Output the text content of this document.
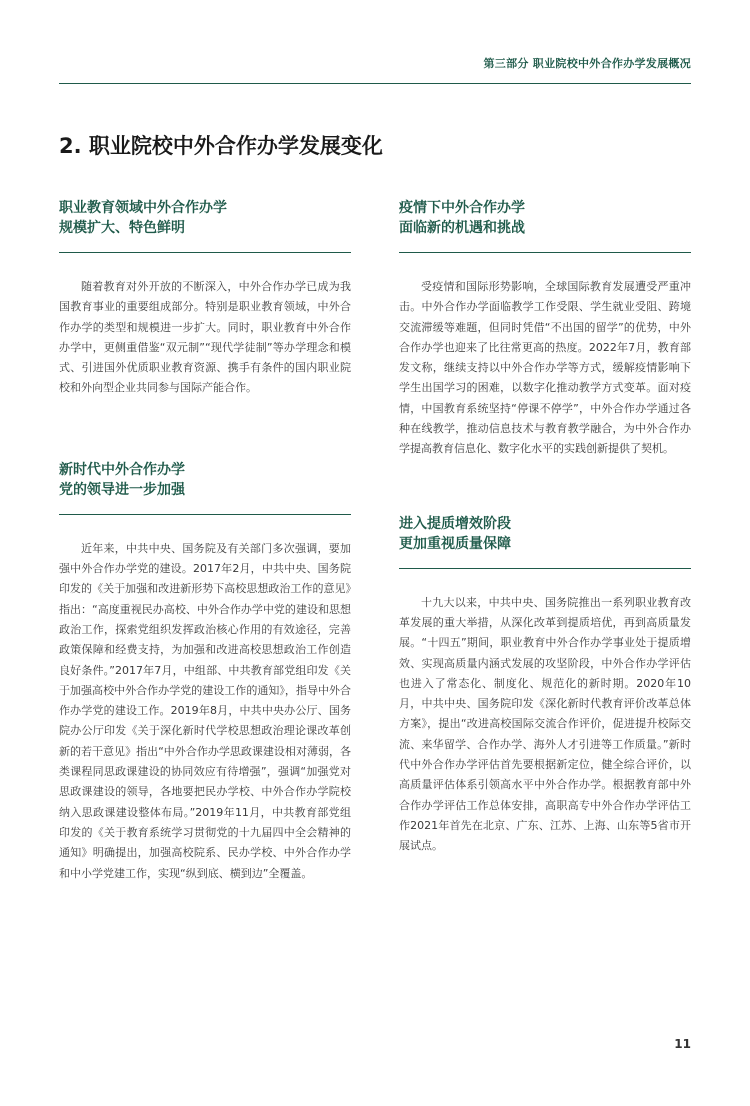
第三部分 职业院校中外合作办学发展概况
2. 职业院校中外合作办学发展变化
职业教育领域中外合作办学
规模扩大、特色鲜明

随着教育对外开放的不断深入，中外合作办学已成为我国教育事业的重要组成部分。特别是职业教育领域，中外合作办学的类型和规模进一步扩大。同时，职业教育中外合作办学中，更侧重借鉴“双元制”“现代学徒制”等办学理念和模式、引进国外优质职业教育资源、携手有条件的国内职业院校和外向型企业共同参与国际产能合作。

新时代中外合作办学
党的领导进一步加强

近年来，中共中央、国务院及有关部门多次强调，要加强中外合作办学党的建设。2017年2月，中共中央、国务院印发的《关于加强和改进新形势下高校思想政治工作的意见》指出：“高度重视民办高校、中外合作办学中党的建设和思想政治工作，探索党组织发挥政治核心作用的有效途径，完善政策保障和经费支持，为加强和改进高校思想政治工作创造良好条件。”2017年7月，中组部、中共教育部党组印发《关于加强高校中外合作办学党的建设工作的通知》，指导中外合作办学党的建设工作。2019年8月，中共中央办公厅、国务院办公厅印发《关于深化新时代学校思想政治理论课改革创新的若干意见》指出“中外合作办学思政课建设相对薄弱，各类课程同思政课建设的协同效应有待增强”，强调“加强党对思政课建设的领导，各地要把民办学校、中外合作办学院校纳入思政课建设整体布局。”2019年11月，中共教育部党组印发的《关于教育系统学习贯彻党的十九届四中全会精神的通知》明确提出，加强高校院系、民办学校、中外合作办学和中小学党建工作，实现“纵到底、横到边”全覆盖。

疫情下中外合作办学
面临新的机遇和挑战

受疫情和国际形势影响，全球国际教育发展遭受严重冲击。中外合作办学面临教学工作受限、学生就业受阻、跨境交流滞缓等难题，但同时凭借“不出国的留学”的优势，中外合作办学也迎来了比往常更高的热度。2022年7月，教育部发文称，继续支持以中外合作办学等方式，缓解疫情影响下学生出国学习的困难，以数字化推动教学方式变革。面对疫情，中国教育系统坚持“停课不停学”，中外合作办学通过各种在线教学，推动信息技术与教育教学融合，为中外合作办学提高教育信息化、数字化水平的实践创新提供了契机。

进入提质增效阶段
更加重视质量保障

十九大以来，中共中央、国务院推出一系列职业教育改革发展的重大举措，从深化改革到提质培优，再到高质量发展。“十四五”期间，职业教育中外合作办学事业处于提质增效、实现高质量内涵式发展的攻坚阶段，中外合作办学评估也进入了常态化、制度化、规范化的新时期。2020年10月，中共中央、国务院印发《深化新时代教育评价改革总体方案》，提出“改进高校国际交流合作评价，促进提升校际交流、来华留学、合作办学、海外人才引进等工作质量。”新时代中外合作办学评估首先要根据新定位，健全综合评价，以高质量评估体系引领高水平中外合作办学。根据教育部中外合作办学评估工作总体安排，高职高专中外合作办学评估工作2021年首先在北京、广东、江苏、上海、山东等5省市开展试点。

11
